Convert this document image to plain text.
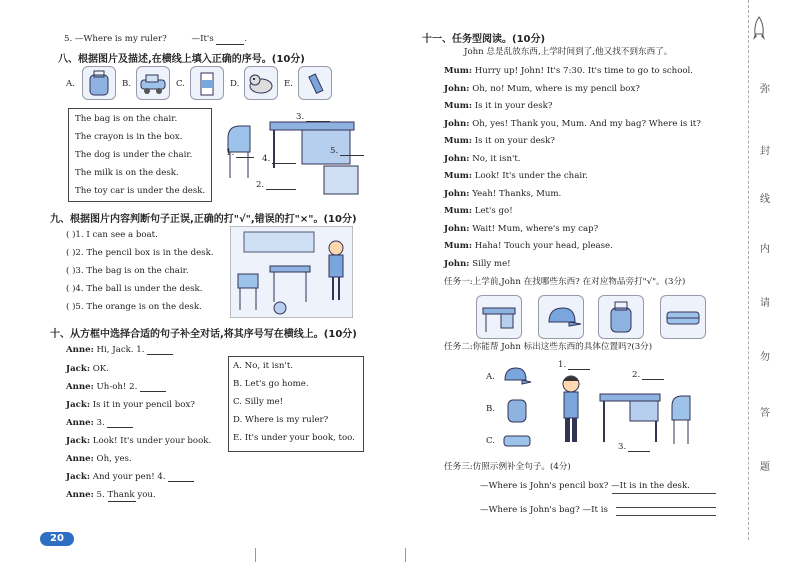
5. —Where is my ruler?	—It's	.
八、根据图片及描述,在横线上填入正确的序号。(10分)
A.	B.	C.	D.	E.
The bag is on the chair.
The crayon is in the box.
The dog is under the chair.
The milk is on the desk.
The toy car is under the desk.
3.
1.
4.
5.
2.
九、根据图片内容判断句子正误,正确的打"√",错误的打"×"。(10分)
( )1. I can see a boat.
( )2. The pencil box is in the desk.
( )3. The bag is on the chair.
( )4. The ball is under the desk.
( )5. The orange is on the desk.
十、从方框中选择合适的句子补全对话,将其序号写在横线上。(10分)
Anne: Hi, Jack. 1.
Jack: OK.
Anne: Uh-oh! 2.
Jack: Is it in your pencil box?
Anne: 3.
Jack: Look! It's under your book.
Anne: Oh, yes.
Jack: And your pen! 4.
Anne: 5. Thank you.
A. No, it isn't.
B. Let's go home.
C. Silly me!
D. Where is my ruler?
E. It's under your book, too.
20
十一、任务型阅读。(10分)
John 总是乱放东西,上学时间到了,他又找不到东西了。
Mum: Hurry up! John! It's 7:30. It's time to go to school.
John: Oh, no! Mum, where is my pencil box?
Mum: Is it in your desk?
John: Oh, yes! Thank you, Mum. And my bag? Where is it?
Mum: Is it on your desk?
John: No, it isn't.
Mum: Look! It's under the chair.
John: Yeah! Thanks, Mum.
Mum: Let's go!
John: Wait! Mum, where's my cap?
Mum: Haha! Touch your head, please.
John: Silly me!
任务一:上学前,John 在找哪些东西? 在对应物品旁打"√"。(3分)
任务二:你能帮 John 标出这些东西的具体位置吗?(3分)
A.
B.
C.
1.
2.
3.
任务三:仿照示例补全句子。(4分)
—Where is John's pencil box? —It is in the desk.
—Where is John's bag? —It is
弥
封
线
内
请
勿
答
题
